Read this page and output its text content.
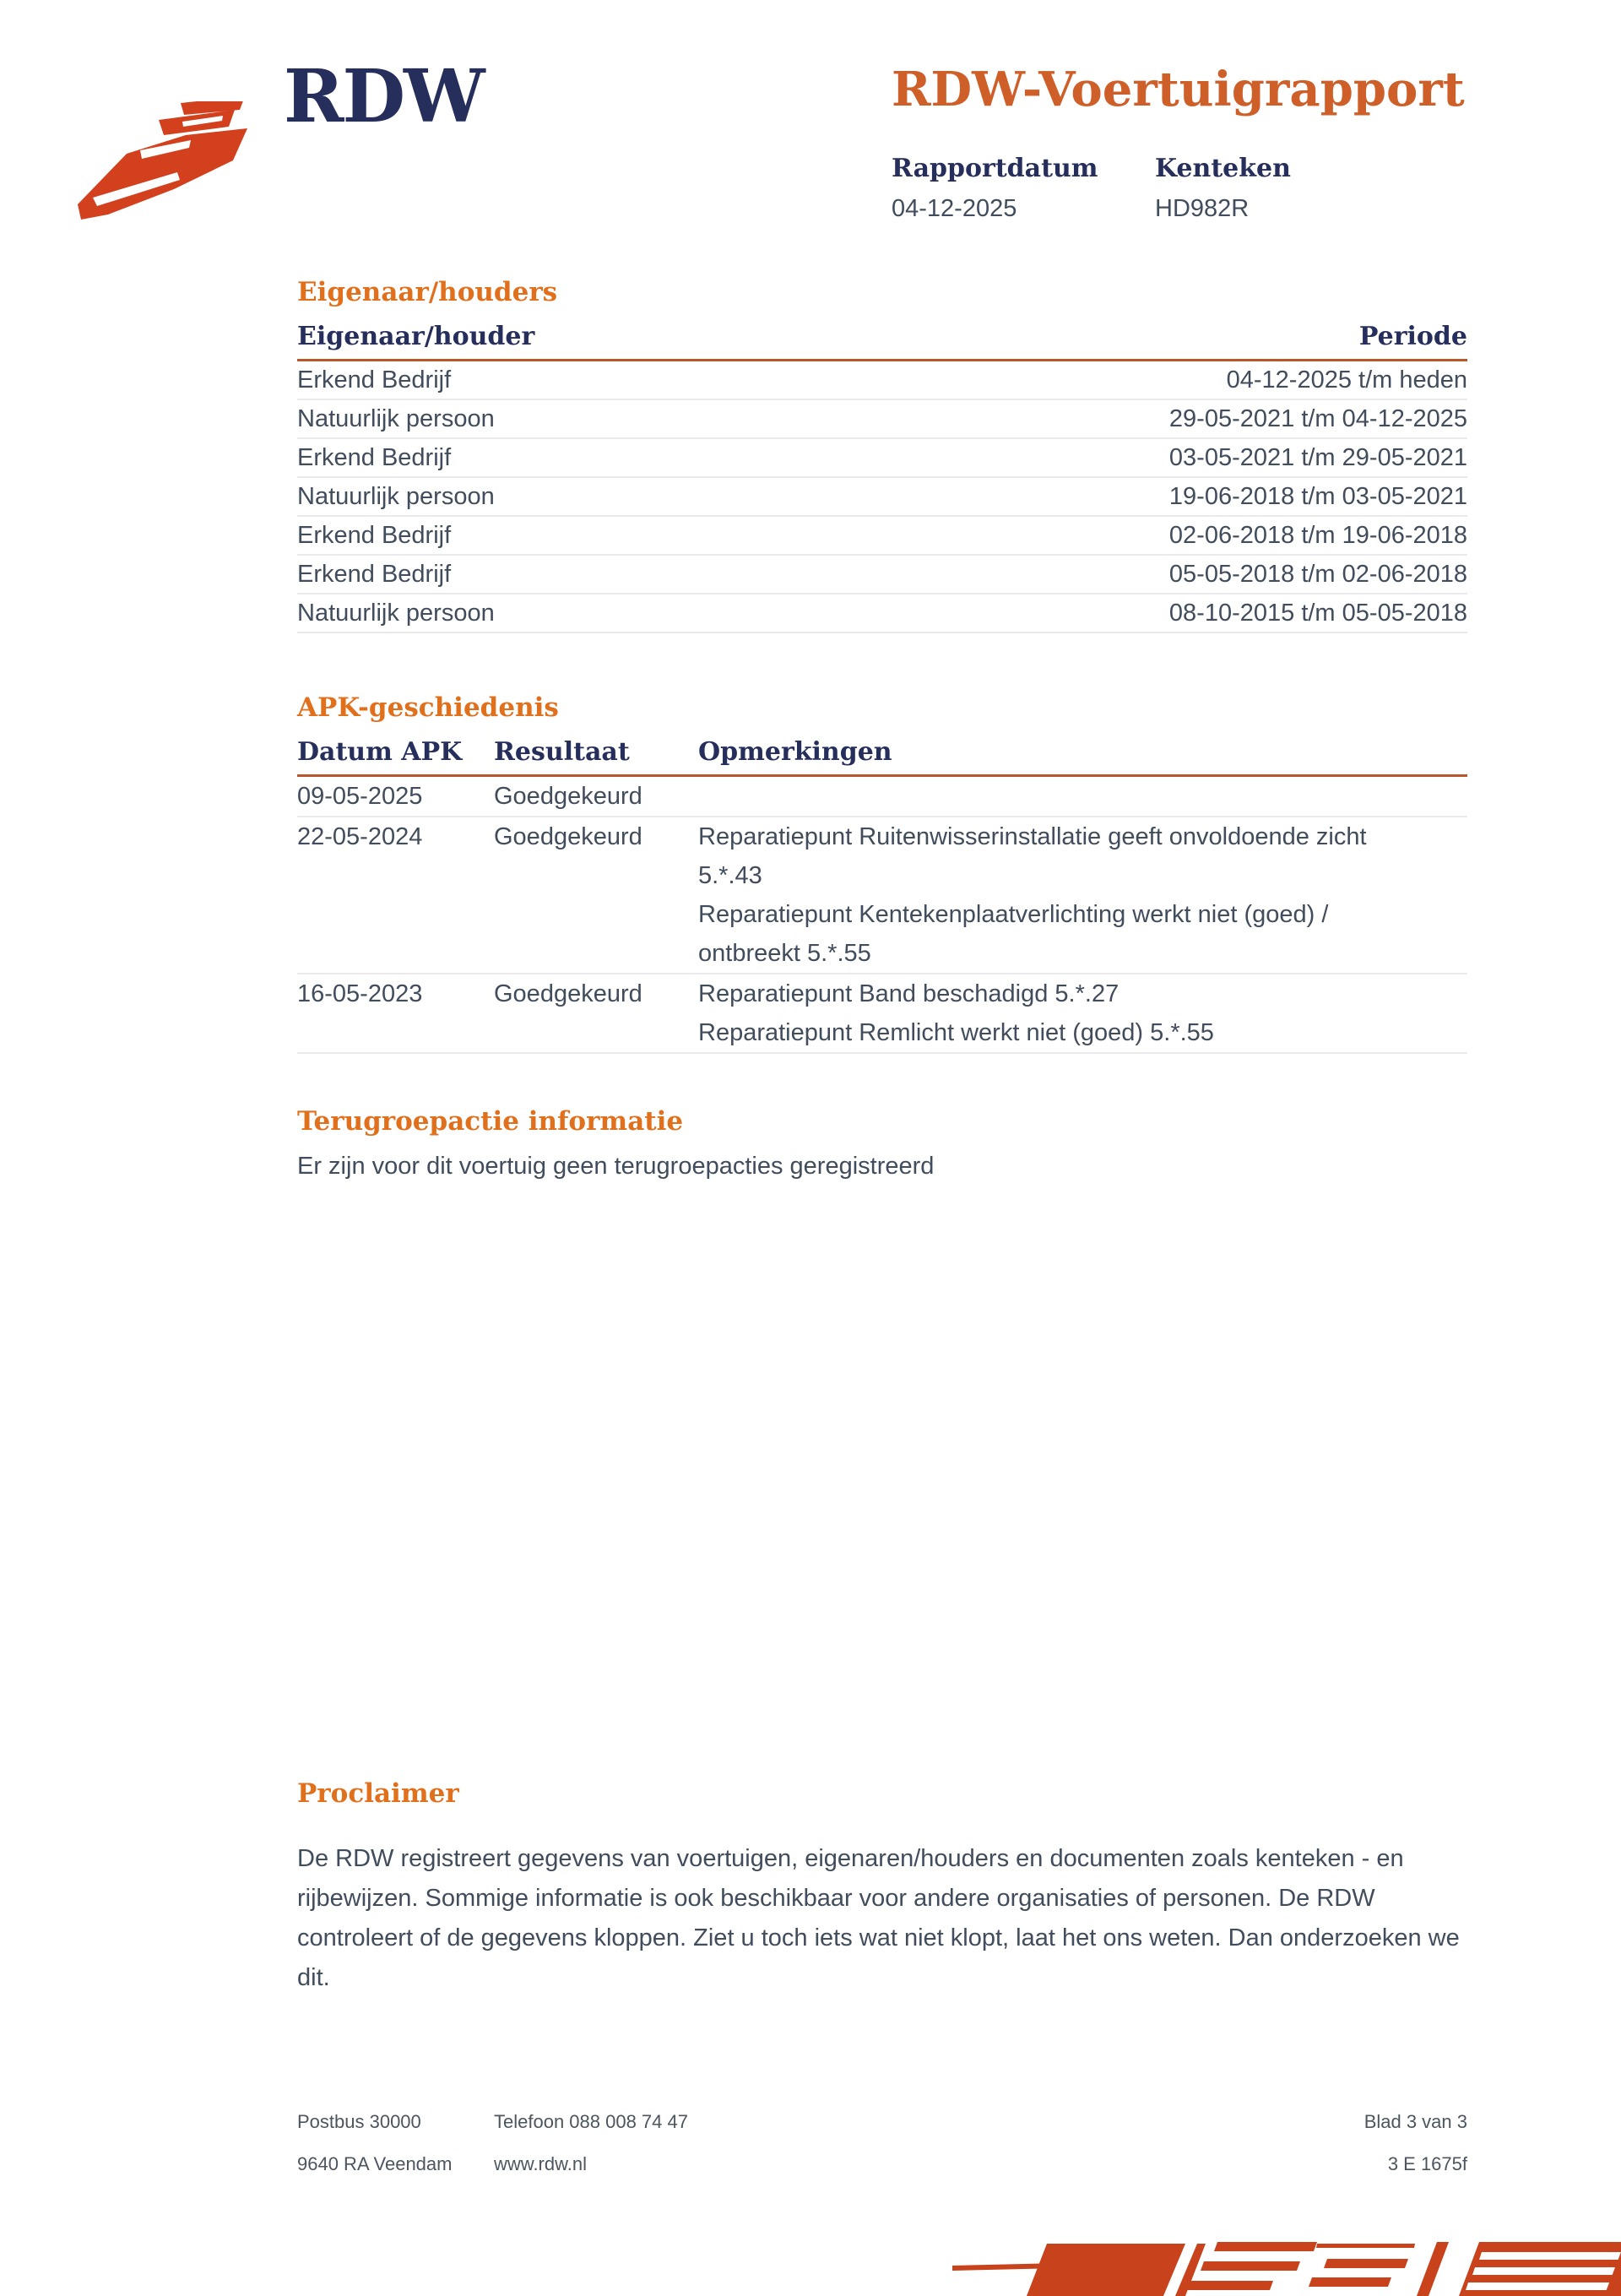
RDW	RDW-Voertuigrapport
Rapportdatum
04-12-2025
Kenteken
HD982R
Eigenaar/houders
Eigenaar/houder	Periode
Erkend Bedrijf	04-12-2025 t/m heden
Natuurlijk persoon	29-05-2021 t/m 04-12-2025
Erkend Bedrijf	03-05-2021 t/m 29-05-2021
Natuurlijk persoon	19-06-2018 t/m 03-05-2021
Erkend Bedrijf	02-06-2018 t/m 19-06-2018
Erkend Bedrijf	05-05-2018 t/m 02-06-2018
Natuurlijk persoon	08-10-2015 t/m 05-05-2018
APK-geschiedenis
Datum APK	Resultaat	Opmerkingen
09-05-2025	Goedgekeurd
22-05-2024	Goedgekeurd	Reparatiepunt Ruitenwisserinstallatie geeft onvoldoende zicht
5.*.43
Reparatiepunt Kentekenplaatverlichting werkt niet (goed) /
ontbreekt 5.*.55
16-05-2023	Goedgekeurd	Reparatiepunt Band beschadigd 5.*.27
Reparatiepunt Remlicht werkt niet (goed) 5.*.55
Terugroepactie informatie
Er zijn voor dit voertuig geen terugroepacties geregistreerd
Proclaimer
De RDW registreert gegevens van voertuigen, eigenaren/houders en documenten zoals kenteken - en rijbewijzen. Sommige informatie is ook beschikbaar voor andere organisaties of personen. De RDW controleert of de gegevens kloppen. Ziet u toch iets wat niet klopt, laat het ons weten. Dan onderzoeken we dit.
Postbus 30000	Telefoon 088 008 74 47	Blad 3 van 3
9640 RA Veendam	www.rdw.nl	3 E 1675f
